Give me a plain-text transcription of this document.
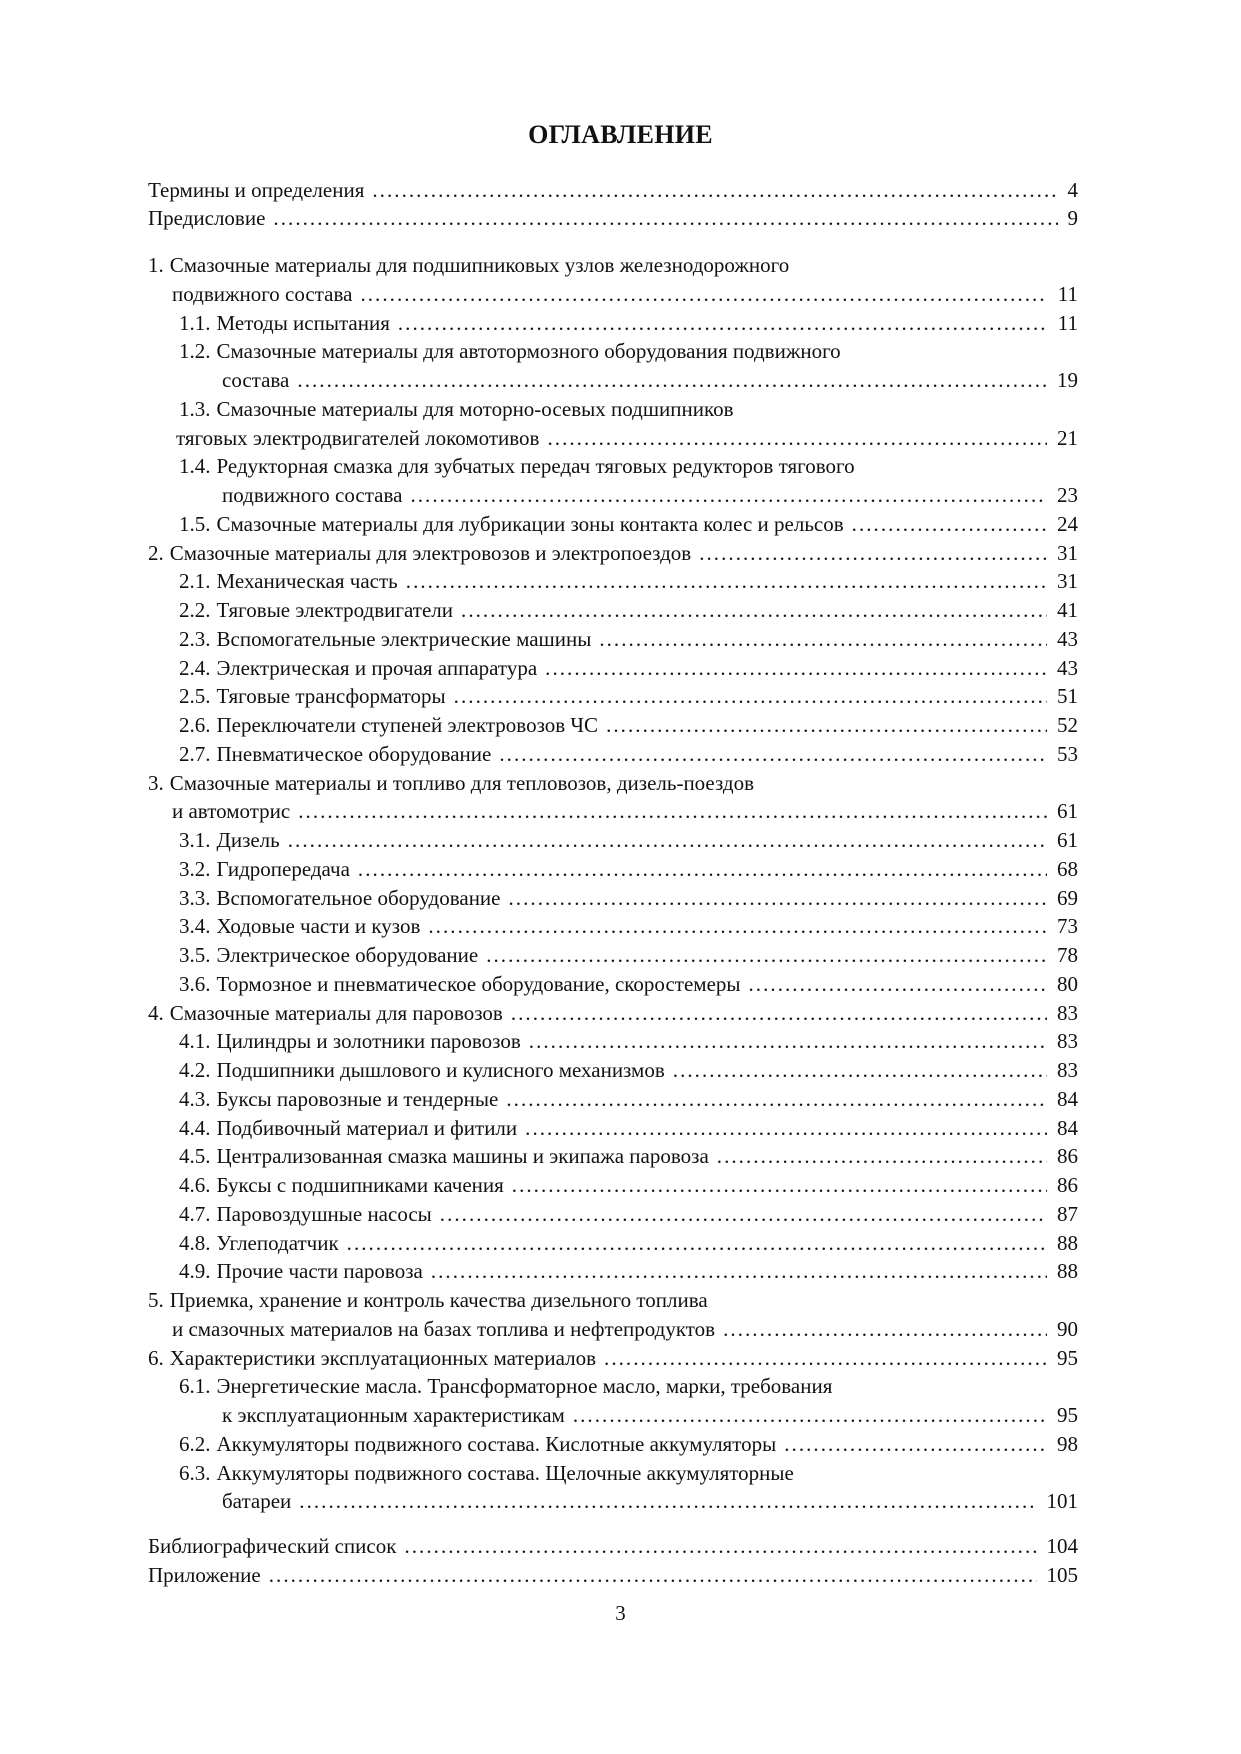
ОГЛАВЛЕНИЕ
Термины и определения . . .	4
Предисловие . . .	9
1. Смазочные материалы для подшипниковых узлов железнодорожного
подвижного состава . . .	11
1.1. Методы испытания . . .	11
1.2. Смазочные материалы для автотормозного оборудования подвижного
состава . . .	19
1.3. Смазочные материалы для моторно-осевых подшипников
тяговых электродвигателей локомотивов . . .	21
1.4. Редукторная смазка для зубчатых передач тяговых редукторов тягового
подвижного состава . . .	23
1.5. Смазочные материалы для лубрикации зоны контакта колес и рельсов . . .	24
2. Смазочные материалы для электровозов и электропоездов . . .	31
2.1. Механическая часть . . .	31
2.2. Тяговые электродвигатели . . .	41
2.3. Вспомогательные электрические машины . . .	43
2.4. Электрическая и прочая аппаратура . . .	43
2.5. Тяговые трансформаторы . . .	51
2.6. Переключатели ступеней электровозов ЧС . . .	52
2.7. Пневматическое оборудование . . .	53
3. Смазочные материалы и топливо для тепловозов, дизель-поездов
и автомотрис . . .	61
3.1. Дизель . . .	61
3.2. Гидропередача . . .	68
3.3. Вспомогательное оборудование . . .	69
3.4. Ходовые части и кузов . . .	73
3.5. Электрическое оборудование . . .	78
3.6. Тормозное и пневматическое оборудование, скоростемеры . . .	80
4. Смазочные материалы для паровозов . . .	83
4.1. Цилиндры и золотники паровозов . . .	83
4.2. Подшипники дышлового и кулисного механизмов . . .	83
4.3. Буксы паровозные и тендерные . . .	84
4.4. Подбивочный материал и фитили . . .	84
4.5. Централизованная смазка машины и экипажа паровоза . . .	86
4.6. Буксы с подшипниками качения . . .	86
4.7. Паровоздушные насосы . . .	87
4.8. Углеподатчик . . .	88
4.9. Прочие части паровоза . . .	88
5. Приемка, хранение и контроль качества дизельного топлива
и смазочных материалов на базах топлива и нефтепродуктов . . .	90
6. Характеристики эксплуатационных материалов . . .	95
6.1. Энергетические масла. Трансформаторное масло, марки, требования
к эксплуатационным характеристикам . . .	95
6.2. Аккумуляторы подвижного состава. Кислотные аккумуляторы . . .	98
6.3. Аккумуляторы подвижного состава. Щелочные аккумуляторные
батареи . . .	101
Библиографический список . . .	104
Приложение . . .	105
3
